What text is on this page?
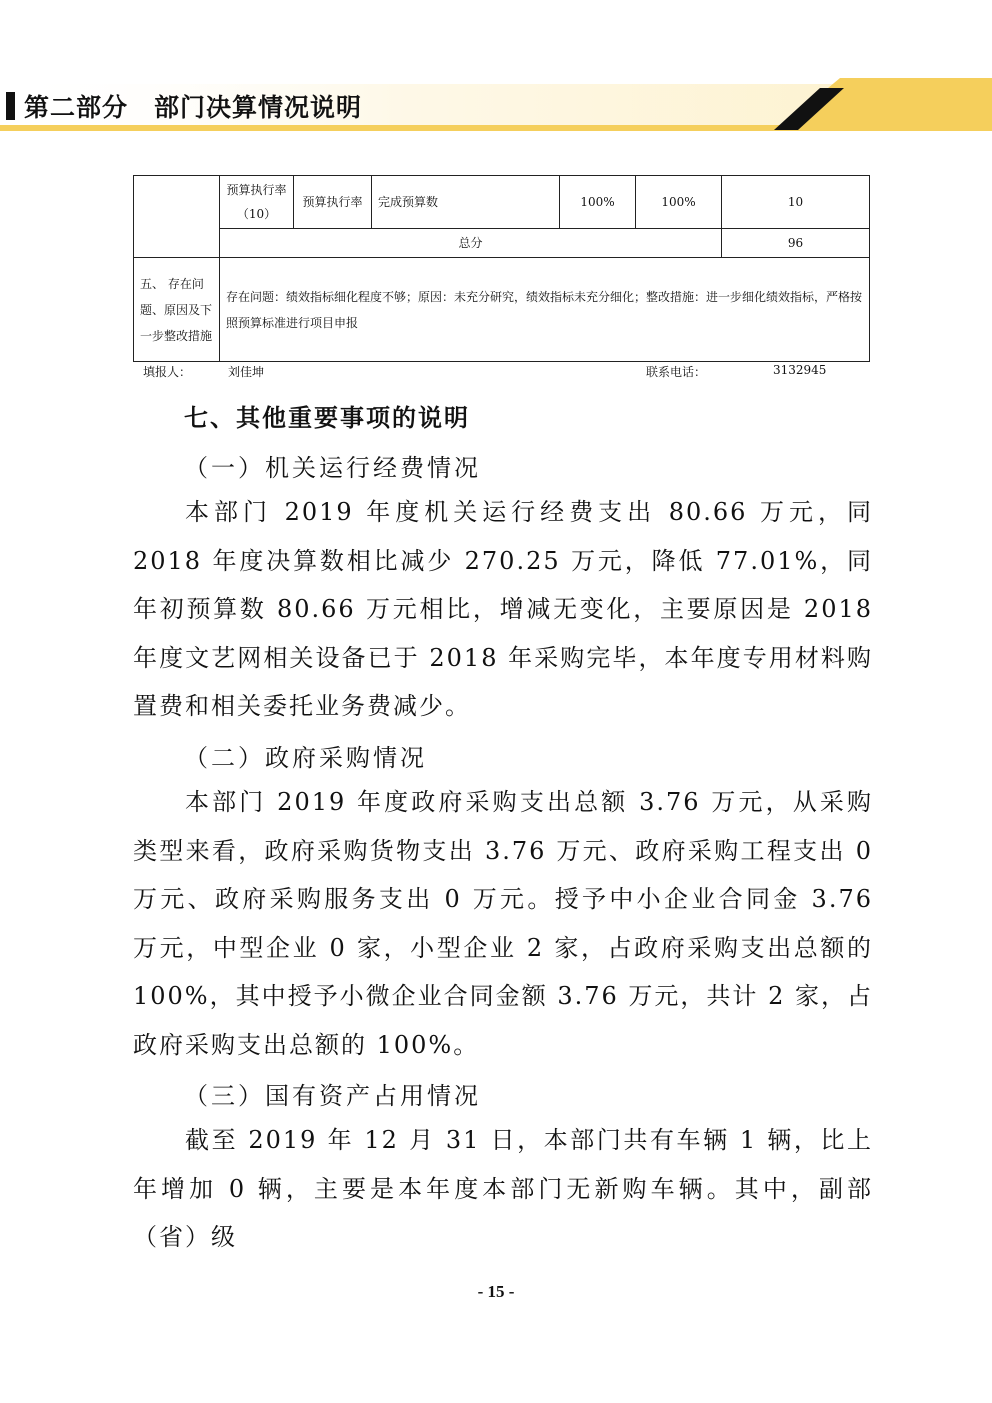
第二部分　部门决算情况说明
	预算执行率（10）	预算执行率	完成预算数	100%	100%	10
	总分					96
五、 存在问题、原因及下一步整改措施	存在问题：绩效指标细化程度不够；原因：未充分研究，绩效指标未充分细化；整改措施：进一步细化绩效指标，严格按照预算标准进行项目申报					
填报人：	刘佳坤	联系电话：	3132945
七、其他重要事项的说明
（一）机关运行经费情况
本部门 2019 年度机关运行经费支出 80.66 万元，同 2018 年度决算数相比减少 270.25 万元，降低 77.01%，同年初预算数 80.66 万元相比，增减无变化，主要原因是 2018 年度文艺网相关设备已于 2018 年采购完毕，本年度专用材料购置费和相关委托业务费减少。
（二）政府采购情况
本部门 2019 年度政府采购支出总额 3.76 万元，从采购类型来看，政府采购货物支出 3.76 万元、政府采购工程支出 0 万元、政府采购服务支出 0 万元。授予中小企业合同金 3.76 万元，中型企业 0 家，小型企业 2 家，占政府采购支出总额的 100%，其中授予小微企业合同金额 3.76 万元，共计 2 家，占政府采购支出总额的 100%。
（三）国有资产占用情况
截至 2019 年 12 月 31 日，本部门共有车辆 1 辆，比上年增加 0 辆，主要是本年度本部门无新购车辆。其中，副部（省）级
- 15 -
